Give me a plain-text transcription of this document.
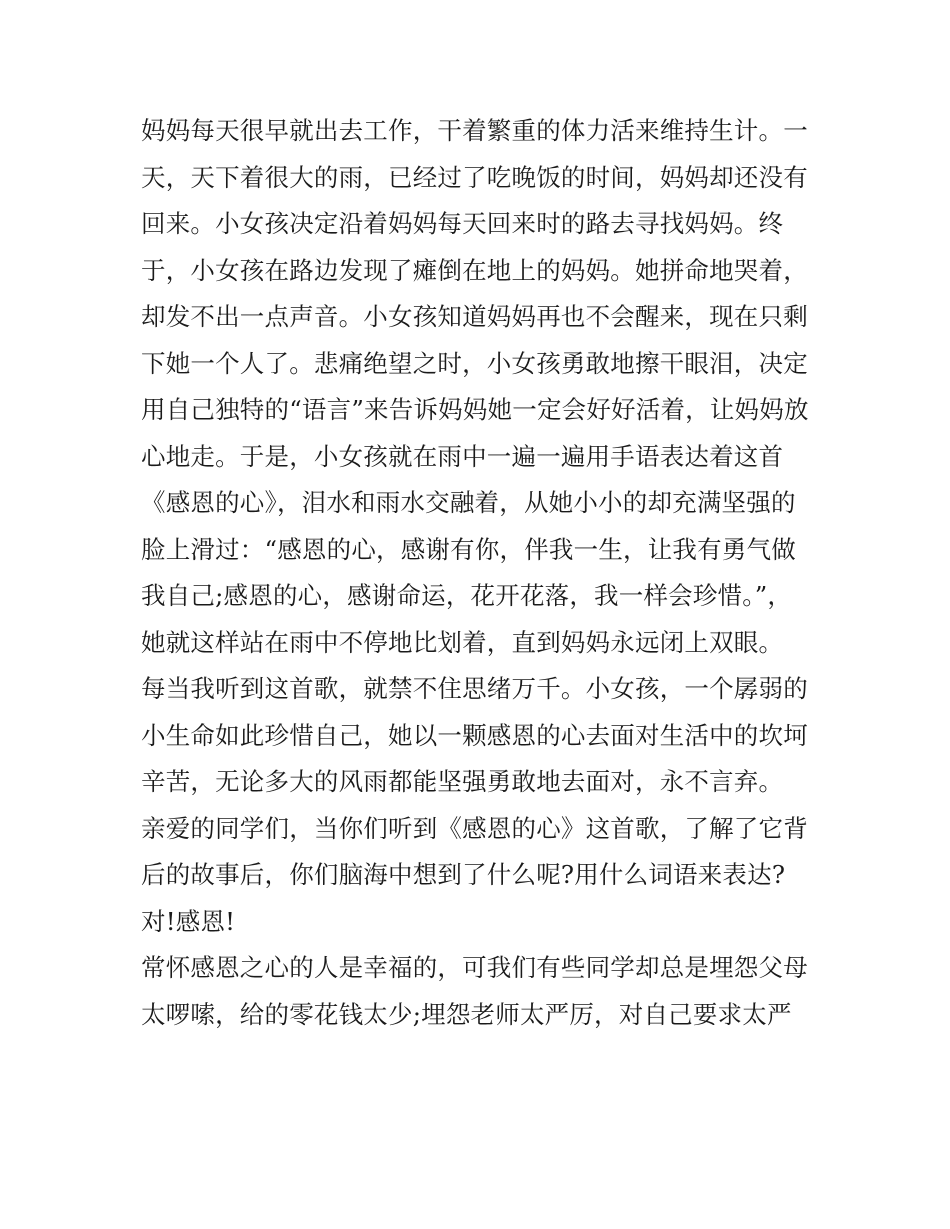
妈妈每天很早就出去工作，干着繁重的体力活来维持生计。一
天，天下着很大的雨，已经过了吃晚饭的时间，妈妈却还没有
回来。小女孩决定沿着妈妈每天回来时的路去寻找妈妈。终
于，小女孩在路边发现了瘫倒在地上的妈妈。她拼命地哭着，
却发不出一点声音。小女孩知道妈妈再也不会醒来，现在只剩
下她一个人了。悲痛绝望之时，小女孩勇敢地擦干眼泪，决定
用自己独特的“语言”来告诉妈妈她一定会好好活着，让妈妈放
心地走。于是，小女孩就在雨中一遍一遍用手语表达着这首
《感恩的心》，泪水和雨水交融着，从她小小的却充满坚强的
脸上滑过：“感恩的心，感谢有你，伴我一生，让我有勇气做
我自己;感恩的心，感谢命运，花开花落，我一样会珍惜。”，
她就这样站在雨中不停地比划着，直到妈妈永远闭上双眼。
每当我听到这首歌，就禁不住思绪万千。小女孩，一个孱弱的
小生命如此珍惜自己，她以一颗感恩的心去面对生活中的坎坷
辛苦，无论多大的风雨都能坚强勇敢地去面对，永不言弃。
亲爱的同学们，当你们听到《感恩的心》这首歌，了解了它背
后的故事后，你们脑海中想到了什么呢?用什么词语来表达?
对!感恩!
常怀感恩之心的人是幸福的，可我们有些同学却总是埋怨父母
太啰嗦，给的零花钱太少;埋怨老师太严厉，对自己要求太严
